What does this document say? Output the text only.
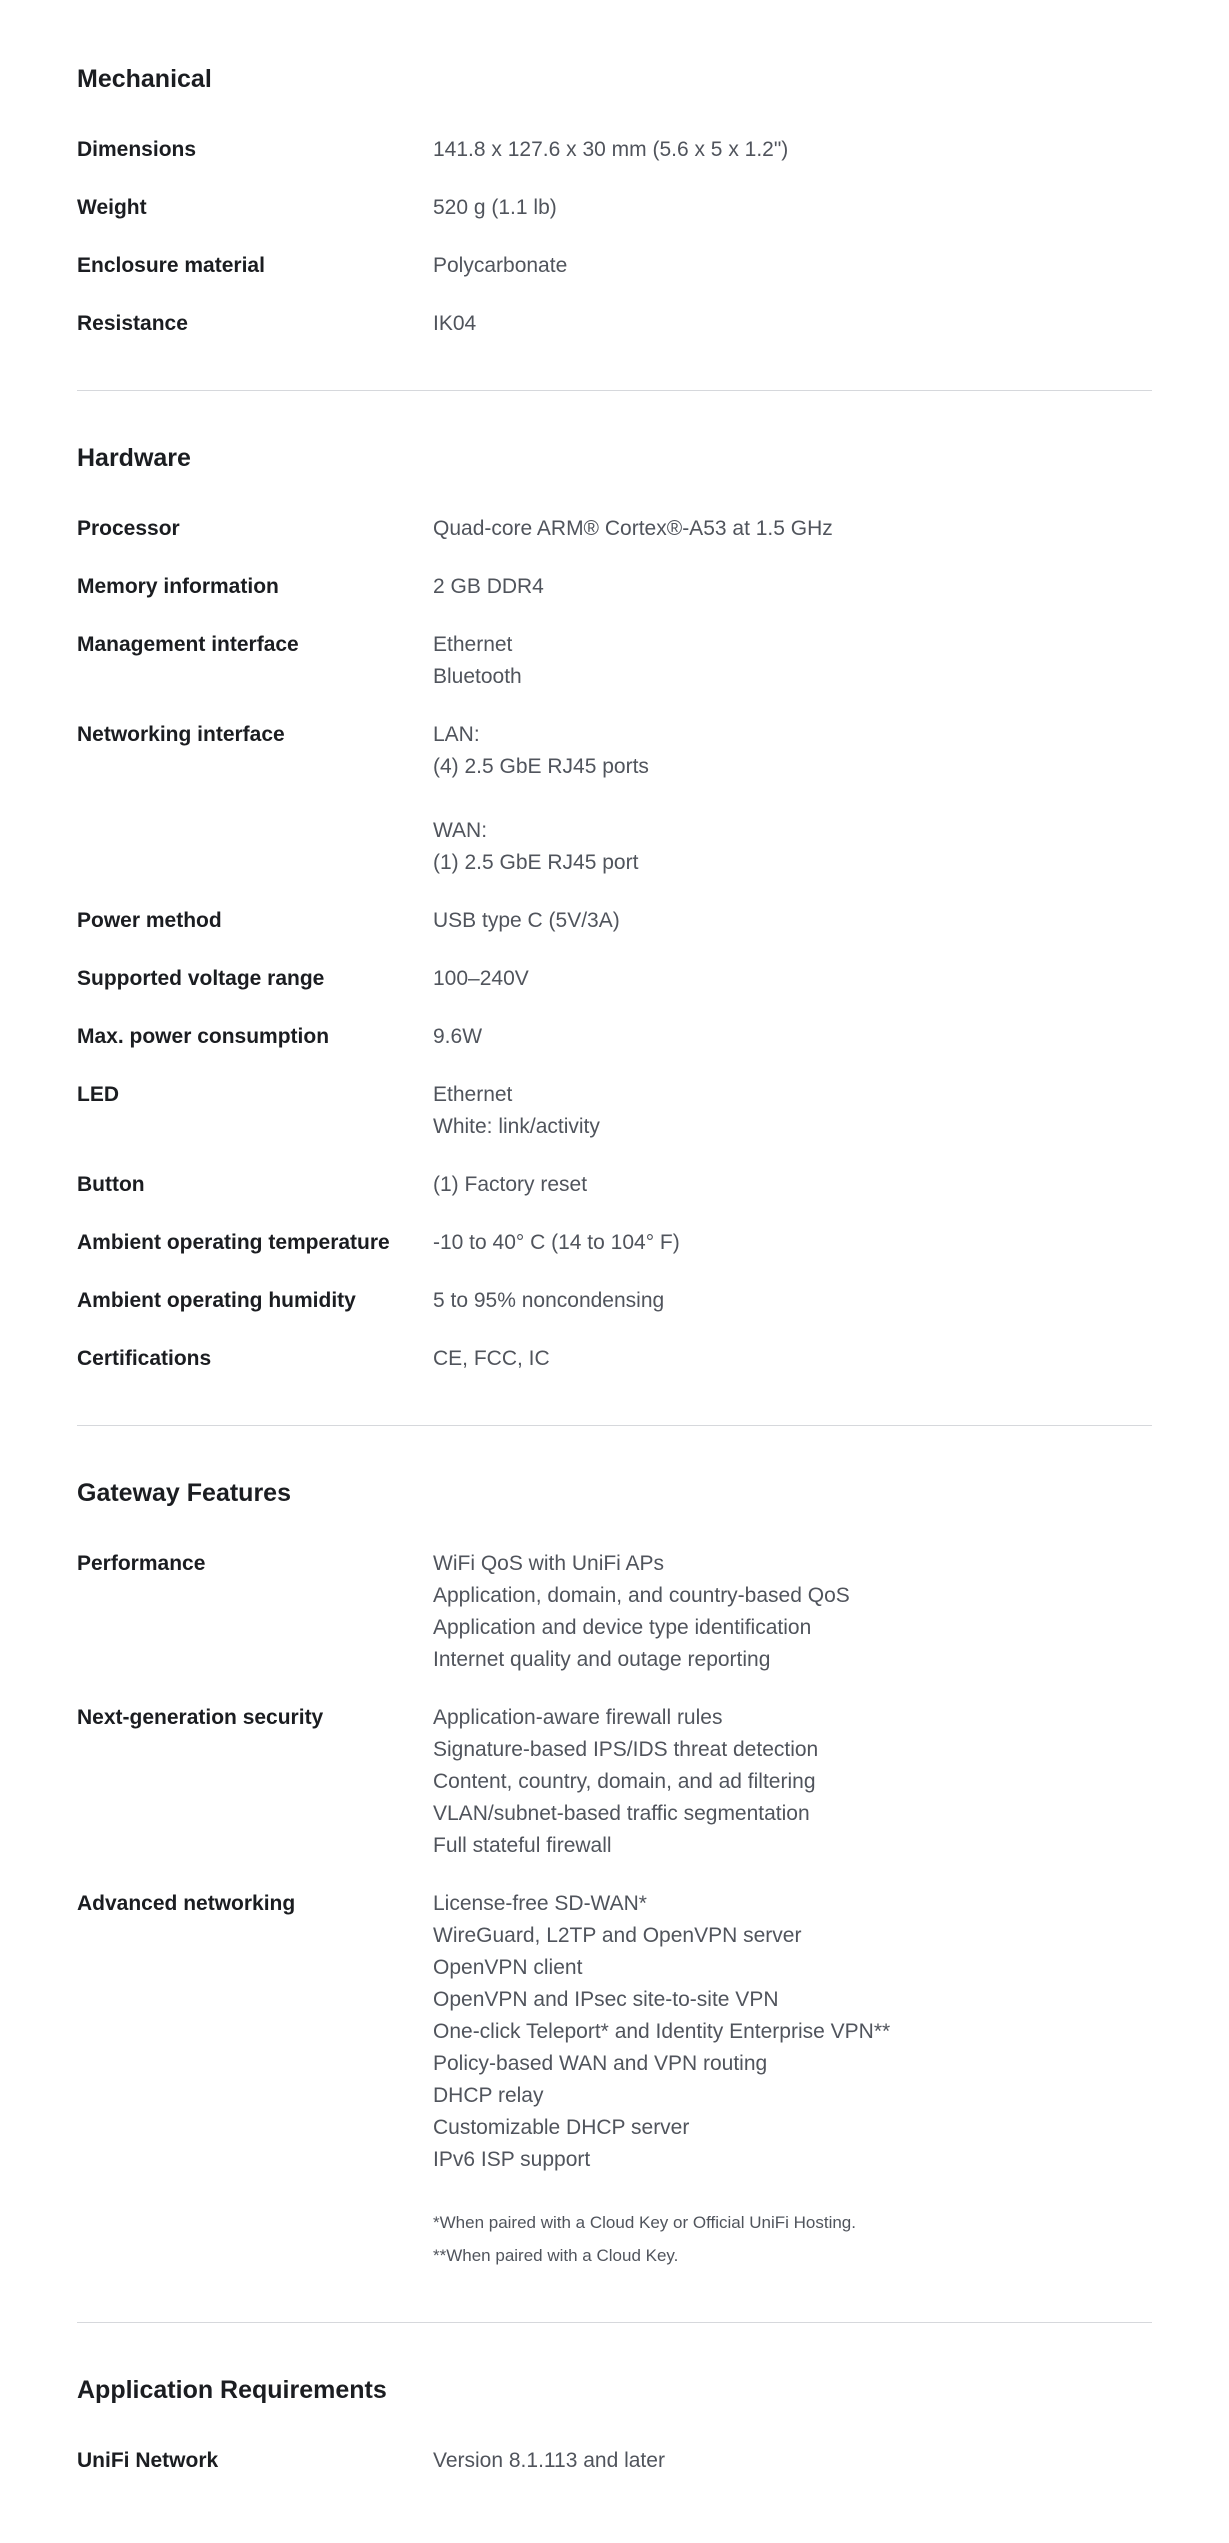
Mechanical
Dimensions	141.8 x 127.6 x 30 mm (5.6 x 5 x 1.2")
Weight	520 g (1.1 lb)
Enclosure material	Polycarbonate
Resistance	IK04
Hardware
Processor	Quad-core ARM® Cortex®-A53 at 1.5 GHz
Memory information	2 GB DDR4
Management interface	Ethernet
Bluetooth
Networking interface	LAN:
(4) 2.5 GbE RJ45 ports
WAN:
(1) 2.5 GbE RJ45 port
Power method	USB type C (5V/3A)
Supported voltage range	100–240V
Max. power consumption	9.6W
LED	Ethernet
White: link/activity
Button	(1) Factory reset
Ambient operating temperature	-10 to 40° C (14 to 104° F)
Ambient operating humidity	5 to 95% noncondensing
Certifications	CE, FCC, IC
Gateway Features
Performance	WiFi QoS with UniFi APs
Application, domain, and country-based QoS
Application and device type identification
Internet quality and outage reporting
Next-generation security	Application-aware firewall rules
Signature-based IPS/IDS threat detection
Content, country, domain, and ad filtering
VLAN/subnet-based traffic segmentation
Full stateful firewall
Advanced networking	License-free SD-WAN*
WireGuard, L2TP and OpenVPN server
OpenVPN client
OpenVPN and IPsec site-to-site VPN
One-click Teleport* and Identity Enterprise VPN**
Policy-based WAN and VPN routing
DHCP relay
Customizable DHCP server
IPv6 ISP support
*When paired with a Cloud Key or Official UniFi Hosting.
**When paired with a Cloud Key.
Application Requirements
UniFi Network	Version 8.1.113 and later
